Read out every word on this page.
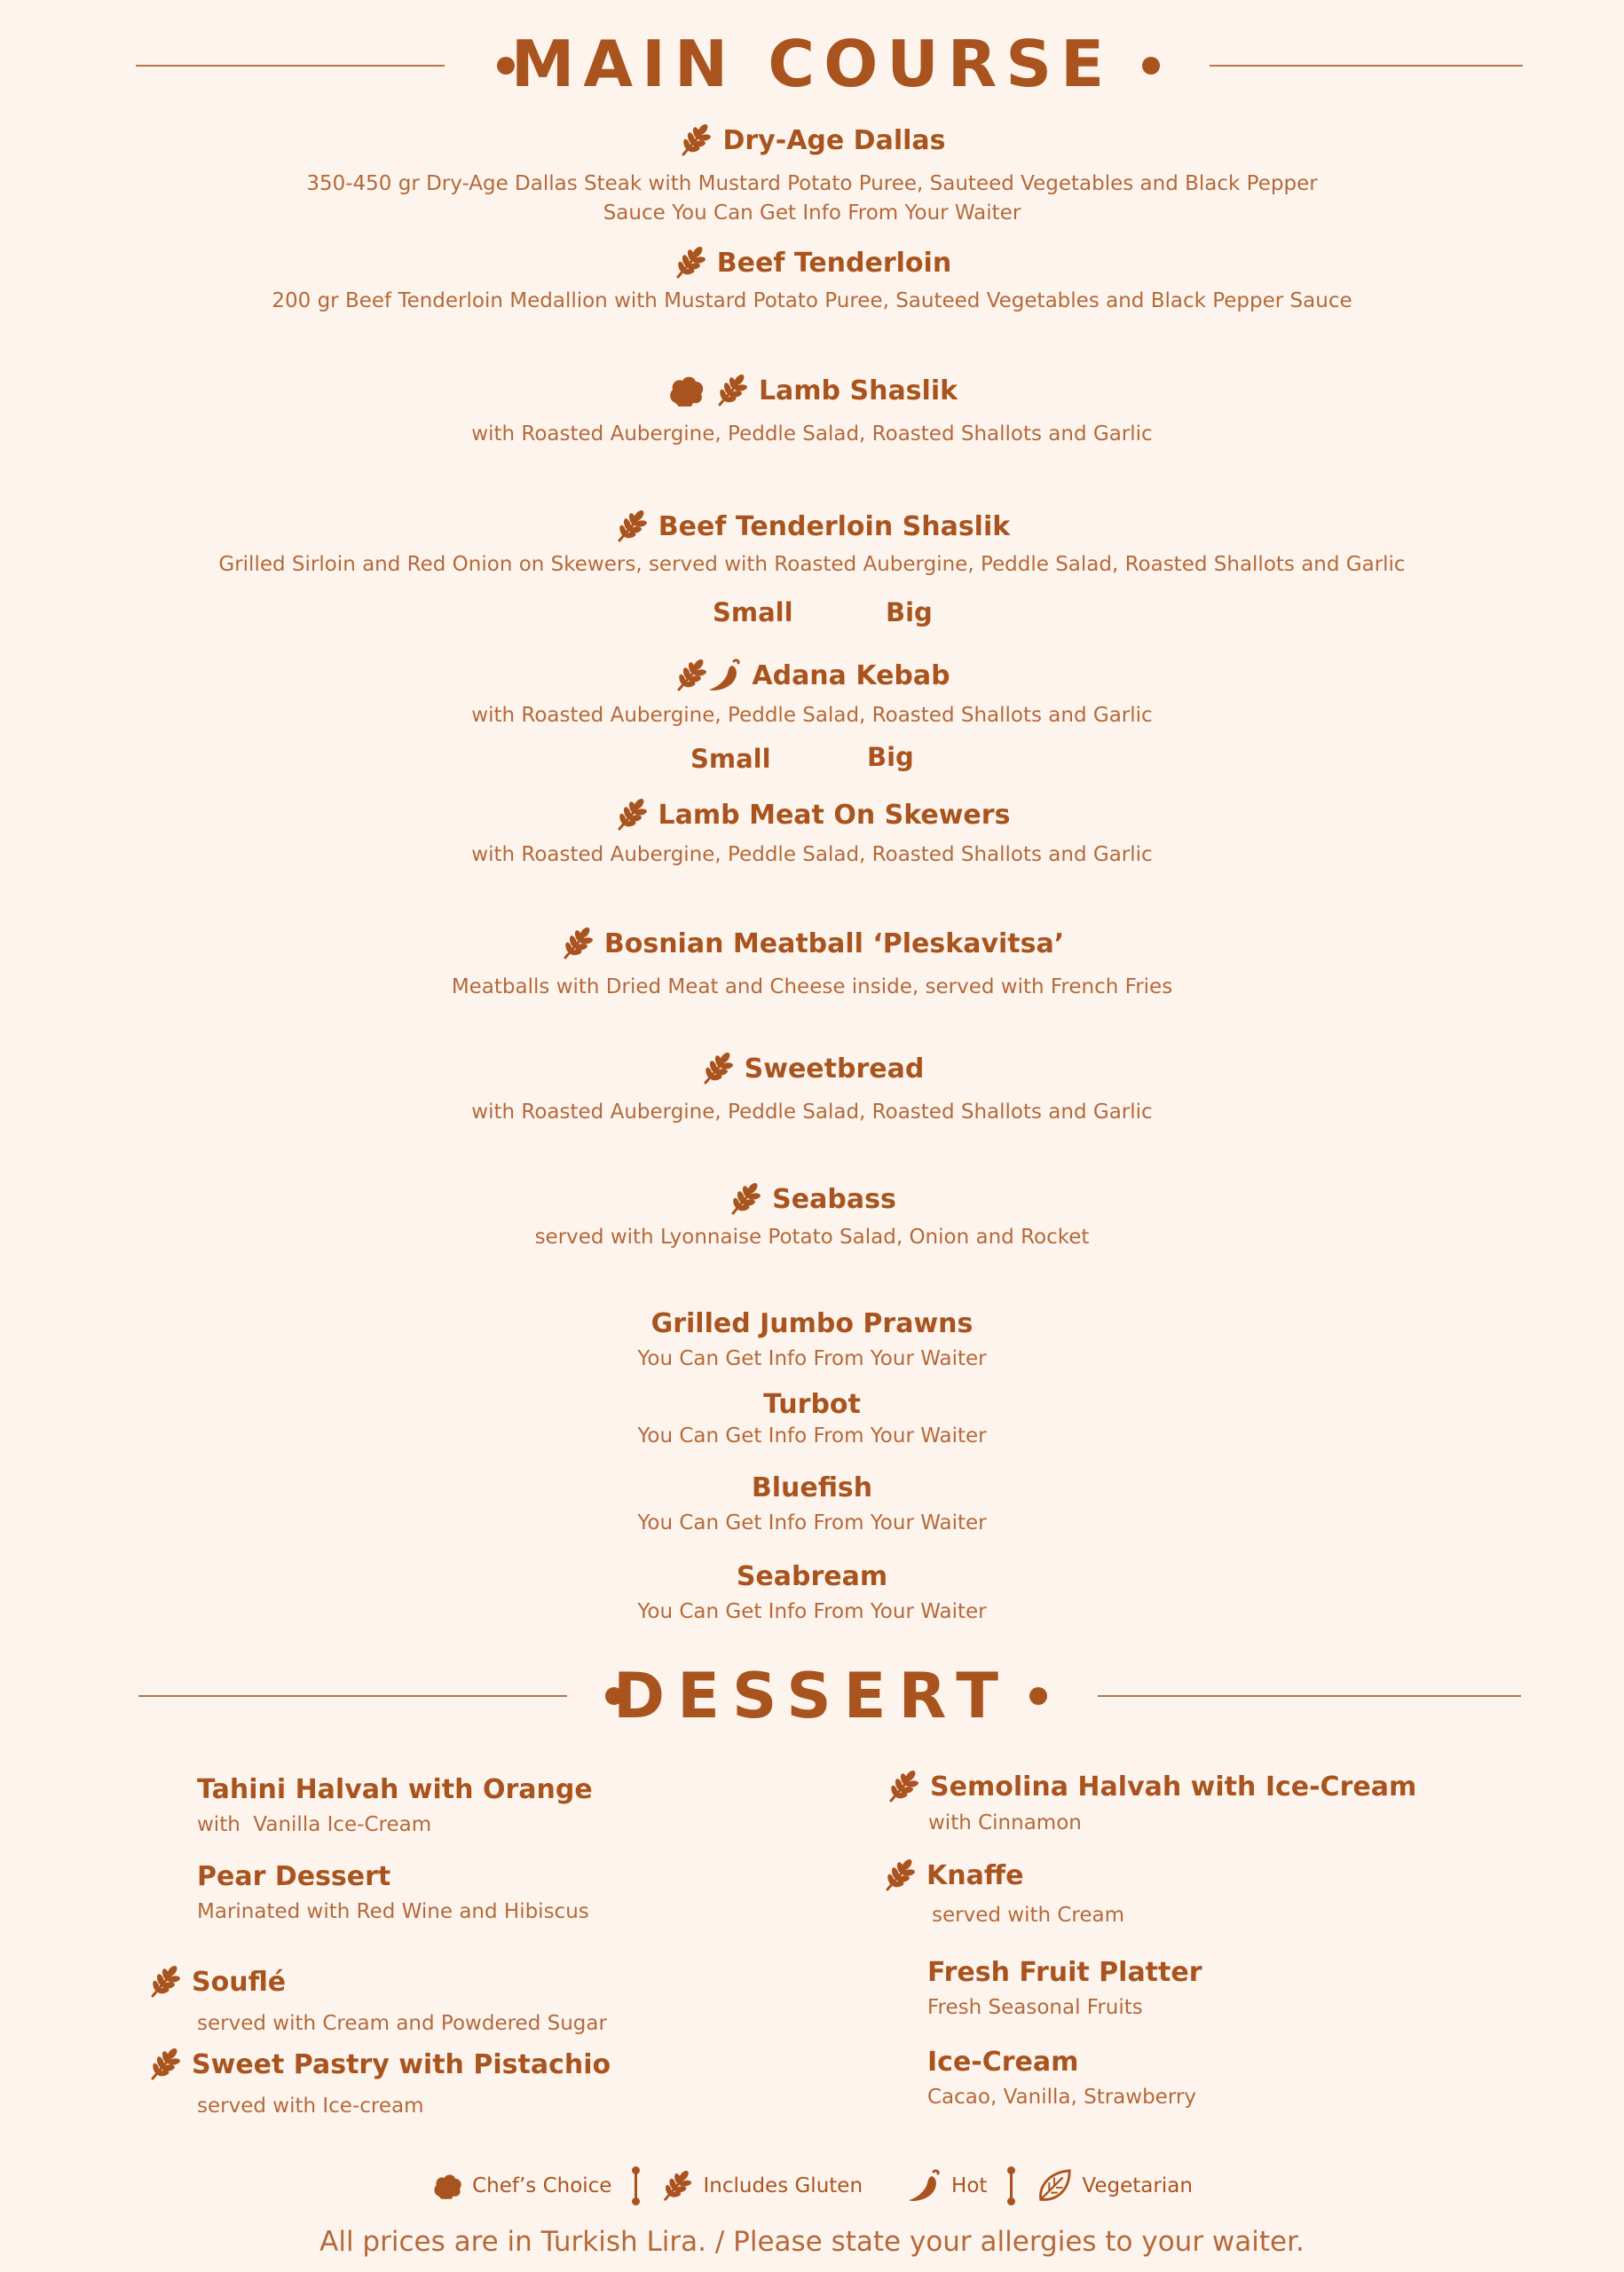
MAIN COURSE
Dry-Age Dallas
350-450 gr Dry-Age Dallas Steak with Mustard Potato Puree, Sauteed Vegetables and Black Pepper
Sauce You Can Get Info From Your Waiter
Beef Tenderloin
200 gr Beef Tenderloin Medallion with Mustard Potato Puree, Sauteed Vegetables and Black Pepper Sauce
Lamb Shaslik
with Roasted Aubergine, Peddle Salad, Roasted Shallots and Garlic
Beef Tenderloin Shaslik
Grilled Sirloin and Red Onion on Skewers, served with Roasted Aubergine, Peddle Salad, Roasted Shallots and Garlic
Small	Big
Adana Kebab
with Roasted Aubergine, Peddle Salad, Roasted Shallots and Garlic
Small	Big
Lamb Meat On Skewers
with Roasted Aubergine, Peddle Salad, Roasted Shallots and Garlic
Bosnian Meatball ‘Pleskavitsa’
Meatballs with Dried Meat and Cheese inside, served with French Fries
Sweetbread
with Roasted Aubergine, Peddle Salad, Roasted Shallots and Garlic
Seabass
served with Lyonnaise Potato Salad, Onion and Rocket
Grilled Jumbo Prawns
You Can Get Info From Your Waiter
Turbot
You Can Get Info From Your Waiter
Bluefish
You Can Get Info From Your Waiter
Seabream
You Can Get Info From Your Waiter
DESSERT
Tahini Halvah with Orange
with  Vanilla Ice-Cream
Pear Dessert
Marinated with Red Wine and Hibiscus
Souflé
served with Cream and Powdered Sugar
Sweet Pastry with Pistachio
served with Ice-cream
Semolina Halvah with Ice-Cream
with Cinnamon
Knaffe
served with Cream
Fresh Fruit Platter
Fresh Seasonal Fruits
Ice-Cream
Cacao, Vanilla, Strawberry
Chef’s Choice	Includes Gluten	Hot	Vegetarian
All prices are in Turkish Lira. / Please state your allergies to your waiter.
